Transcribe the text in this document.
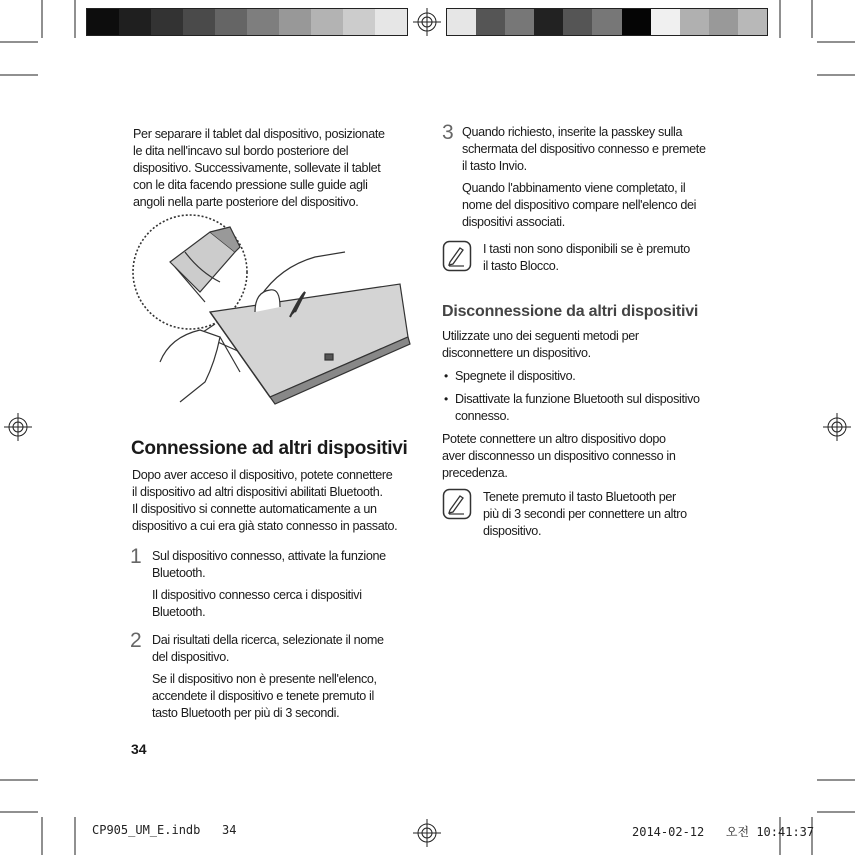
Per separare il tablet dal dispositivo, posizionate
le dita nell'incavo sul bordo posteriore del
dispositivo. Successivamente, sollevate il tablet
con le dita facendo pressione sulle guide agli
angoli nella parte posteriore del dispositivo.
Connessione ad altri dispositivi
Dopo aver acceso il dispositivo, potete connettere
il dispositivo ad altri dispositivi abilitati Bluetooth.
Il dispositivo si connette automaticamente a un
dispositivo a cui era già stato connesso in passato.
1 Sul dispositivo connesso, attivate la funzione
Bluetooth.
Il dispositivo connesso cerca i dispositivi
Bluetooth.
2 Dai risultati della ricerca, selezionate il nome
del dispositivo.
Se il dispositivo non è presente nell'elenco,
accendete il dispositivo e tenete premuto il
tasto Bluetooth per più di 3 secondi.
34
3 Quando richiesto, inserite la passkey sulla
schermata del dispositivo connesso e premete
il tasto Invio.
Quando l'abbinamento viene completato, il
nome del dispositivo compare nell'elenco dei
dispositivi associati.
I tasti non sono disponibili se è premuto
il tasto Blocco.
Disconnessione da altri dispositivi
Utilizzate uno dei seguenti metodi per
disconnettere un dispositivo.
• Spegnete il dispositivo.
• Disattivate la funzione Bluetooth sul dispositivo
connesso.
Potete connettere un altro dispositivo dopo
aver disconnesso un dispositivo connesso in
precedenza.
Tenete premuto il tasto Bluetooth per
più di 3 secondi per connettere un altro
dispositivo.
CP905_UM_E.indb   34	2014-02-12   오전 10:41:37
